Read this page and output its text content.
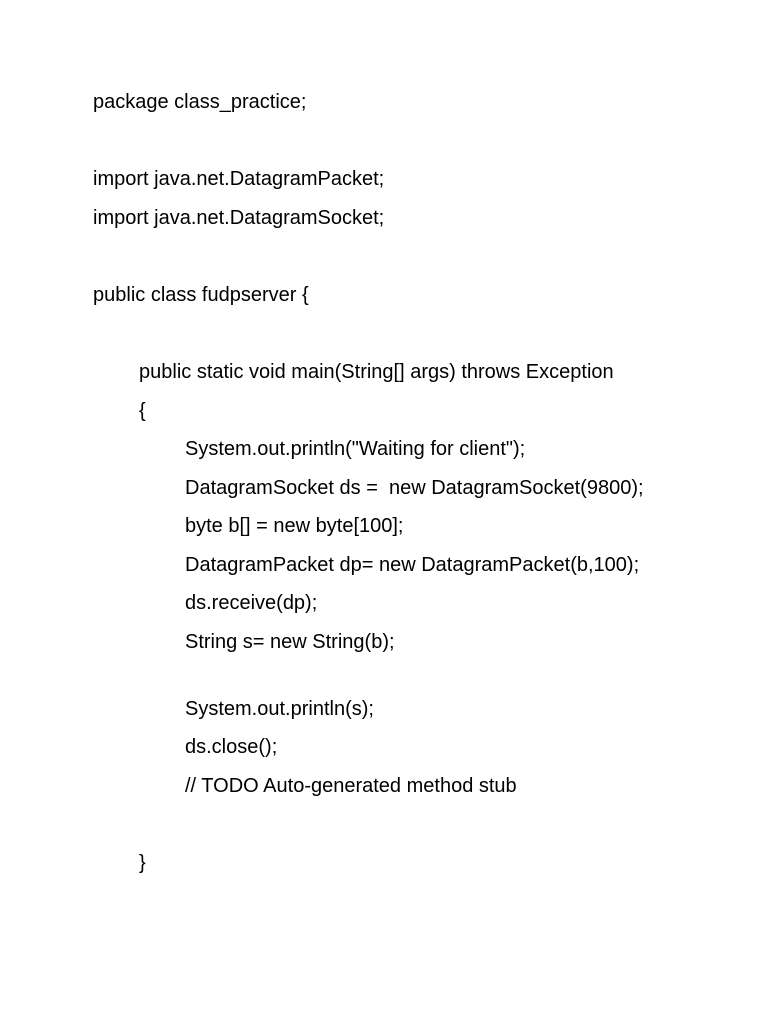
package class_practice;
import java.net.DatagramPacket;
import java.net.DatagramSocket;
public class fudpserver {
public static void main(String[] args) throws Exception
{
System.out.println("Waiting for client");
DatagramSocket ds =  new DatagramSocket(9800);
byte b[] = new byte[100];
DatagramPacket dp= new DatagramPacket(b,100);
ds.receive(dp);
String s= new String(b);
System.out.println(s);
ds.close();
// TODO Auto-generated method stub
}
